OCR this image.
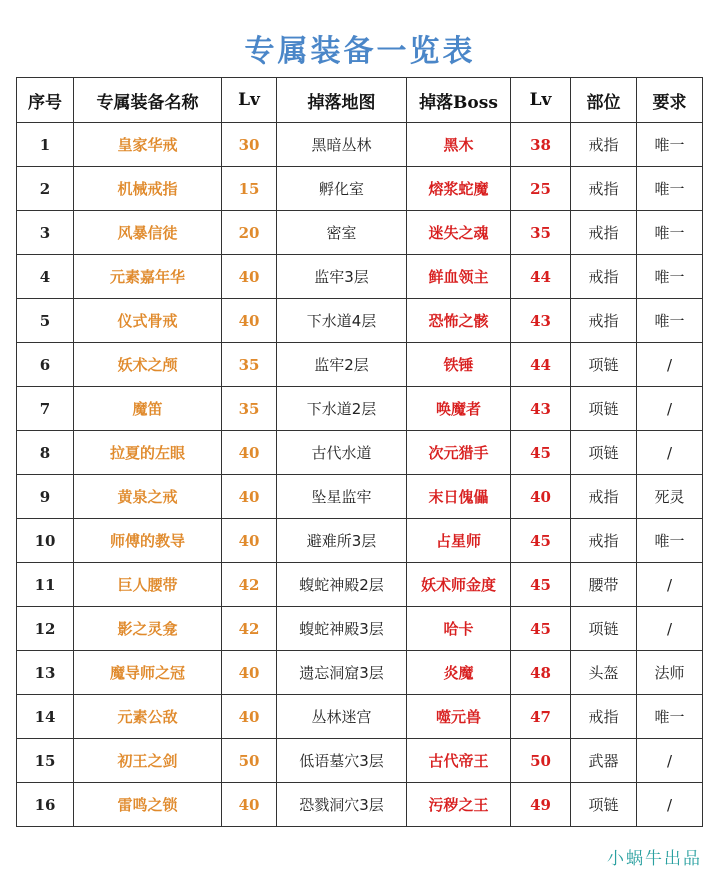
专属装备一览表
序号	专属装备名称	Lv	掉落地图	掉落Boss	Lv	部位	要求
1	皇家华戒	30	黑暗丛林	黑木	38	戒指	唯一
2	机械戒指	15	孵化室	熔浆蛇魔	25	戒指	唯一
3	风暴信徒	20	密室	迷失之魂	35	戒指	唯一
4	元素嘉年华	40	监牢3层	鲜血领主	44	戒指	唯一
5	仪式骨戒	40	下水道4层	恐怖之骸	43	戒指	唯一
6	妖术之颅	35	监牢2层	铁锤	44	项链	/
7	魔笛	35	下水道2层	唤魔者	43	项链	/
8	拉夏的左眼	40	古代水道	次元猎手	45	项链	/
9	黄泉之戒	40	坠星监牢	末日傀儡	40	戒指	死灵
10	师傅的教导	40	避难所3层	占星师	45	戒指	唯一
11	巨人腰带	42	蝮蛇神殿2层	妖术师金度	45	腰带	/
12	影之灵龛	42	蝮蛇神殿3层	哈卡	45	项链	/
13	魔导师之冠	40	遗忘洞窟3层	炎魔	48	头盔	法师
14	元素公敌	40	丛林迷宫	噬元兽	47	戒指	唯一
15	初王之剑	50	低语墓穴3层	古代帝王	50	武器	/
16	雷鸣之锁	40	恐戮洞穴3层	污秽之王	49	项链	/
小蜗牛出品
